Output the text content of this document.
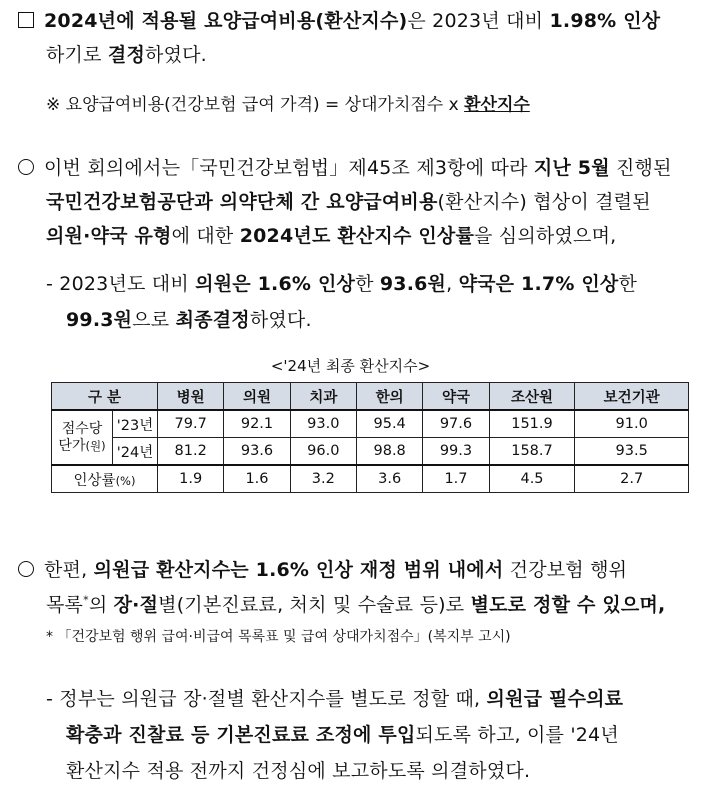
2024년에 적용될 요양급여비용(환산지수)은 2023년 대비 1.98% 인상
하기로 결정하였다.
※ 요양급여비용(건강보험 급여 가격) = 상대가치점수 x 환산지수
이번 회의에서는「국민건강보험법」제45조 제3항에 따라 지난 5월 진행된
국민건강보험공단과 의약단체 간 요양급여비용(환산지수) 협상이 결렬된
의원·약국 유형에 대한 2024년도 환산지수 인상률을 심의하였으며,
- 2023년도 대비 의원은 1.6% 인상한 93.6원, 약국은 1.7% 인상한
99.3원으로 최종결정하였다.
<'24년 최종 환산지수>
구 분		병원	의원	치과	한의	약국	조산원	보건기관
점수당
단가(원)	'23년	79.7	92.1	93.0	95.4	97.6	151.9	91.0
	'24년	81.2	93.6	96.0	98.8	99.3	158.7	93.5
인상률(%)		1.9	1.6	3.2	3.6	1.7	4.5	2.7
한편, 의원급 환산지수는 1.6% 인상 재정 범위 내에서 건강보험 행위
목록*의 장·절별(기본진료료, 처치 및 수술료 등)로 별도로 정할 수 있으며,
* 「건강보험 행위 급여·비급여 목록표 및 급여 상대가치점수」(복지부 고시)
- 정부는 의원급 장·절별 환산지수를 별도로 정할 때, 의원급 필수의료
확충과 진찰료 등 기본진료료 조정에 투입되도록 하고, 이를 '24년
환산지수 적용 전까지 건정심에 보고하도록 의결하였다.
